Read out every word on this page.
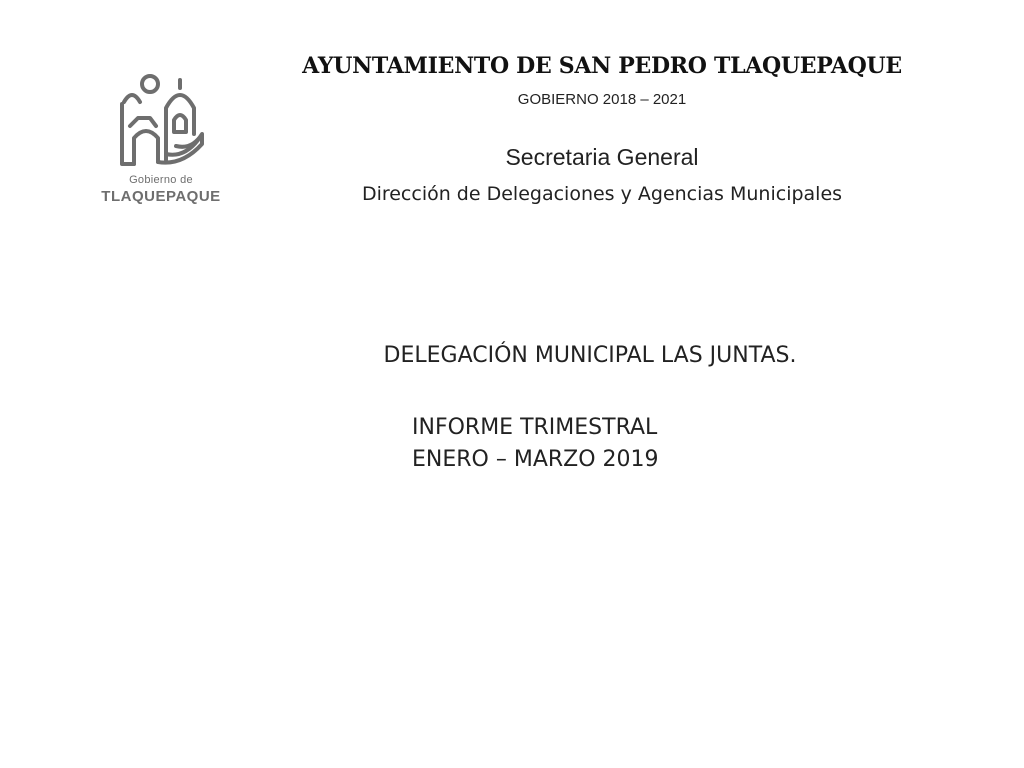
Gobierno de
TLAQUEPAQUE
AYUNTAMIENTO DE SAN PEDRO TLAQUEPAQUE
GOBIERNO 2018 – 2021
Secretaria General
Dirección de Delegaciones y Agencias Municipales
DELEGACIÓN MUNICIPAL LAS JUNTAS.
INFORME TRIMESTRAL
ENERO – MARZO 2019
